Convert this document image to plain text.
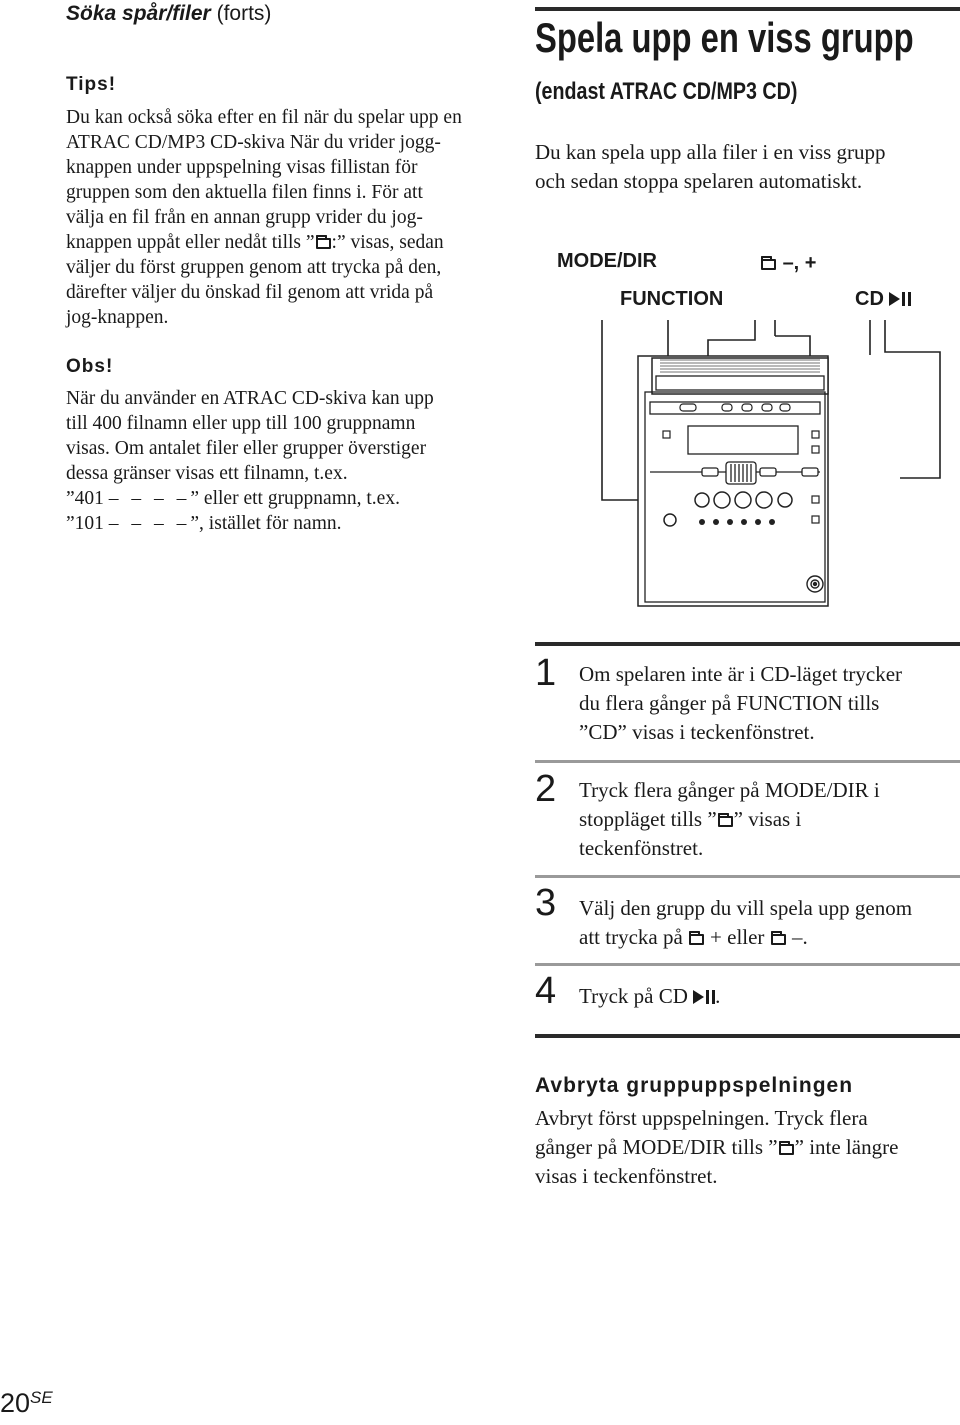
Söka spår/filer (forts)
Tips!
Du kan också söka efter en fil när du spelar upp en
ATRAC CD/MP3 CD-skiva När du vrider jogg-
knappen under uppspelning visas fillistan för
gruppen som den aktuella filen finns i. För att
välja en fil från en annan grupp vrider du jog-
knappen uppåt eller nedåt tills ” :” visas, sedan
väljer du först gruppen genom att trycka på den,
därefter väljer du önskad fil genom att vrida på
jog-knappen.
Obs!
När du använder en ATRAC CD-skiva kan upp
till 400 filnamn eller upp till 100 gruppnamn
visas. Om antalet filer eller grupper överstiger
dessa gränser visas ett filnamn, t.ex.
”401 – – – –” eller ett gruppnamn, t.ex.
”101 – – – –”, istället för namn.
Spela upp en viss grupp
(endast ATRAC CD/MP3 CD)
Du kan spela upp alla filer i en viss grupp
och sedan stoppa spelaren automatiskt.
MODE/DIR
FUNCTION
–, +
CD
1 Om spelaren inte är i CD-läget trycker
du flera gånger på FUNCTION tills
”CD” visas i teckenfönstret.
2 Tryck flera gånger på MODE/DIR i
stoppläget tills ” ” visas i
teckenfönstret.
3 Välj den grupp du vill spela upp genom
att trycka på + eller  –.
4 Tryck på CD .
Avbryta gruppuppspelningen
Avbryt först uppspelningen. Tryck flera
gånger på MODE/DIR tills ” ” inte längre
visas i teckenfönstret.
$20^{SE}$
